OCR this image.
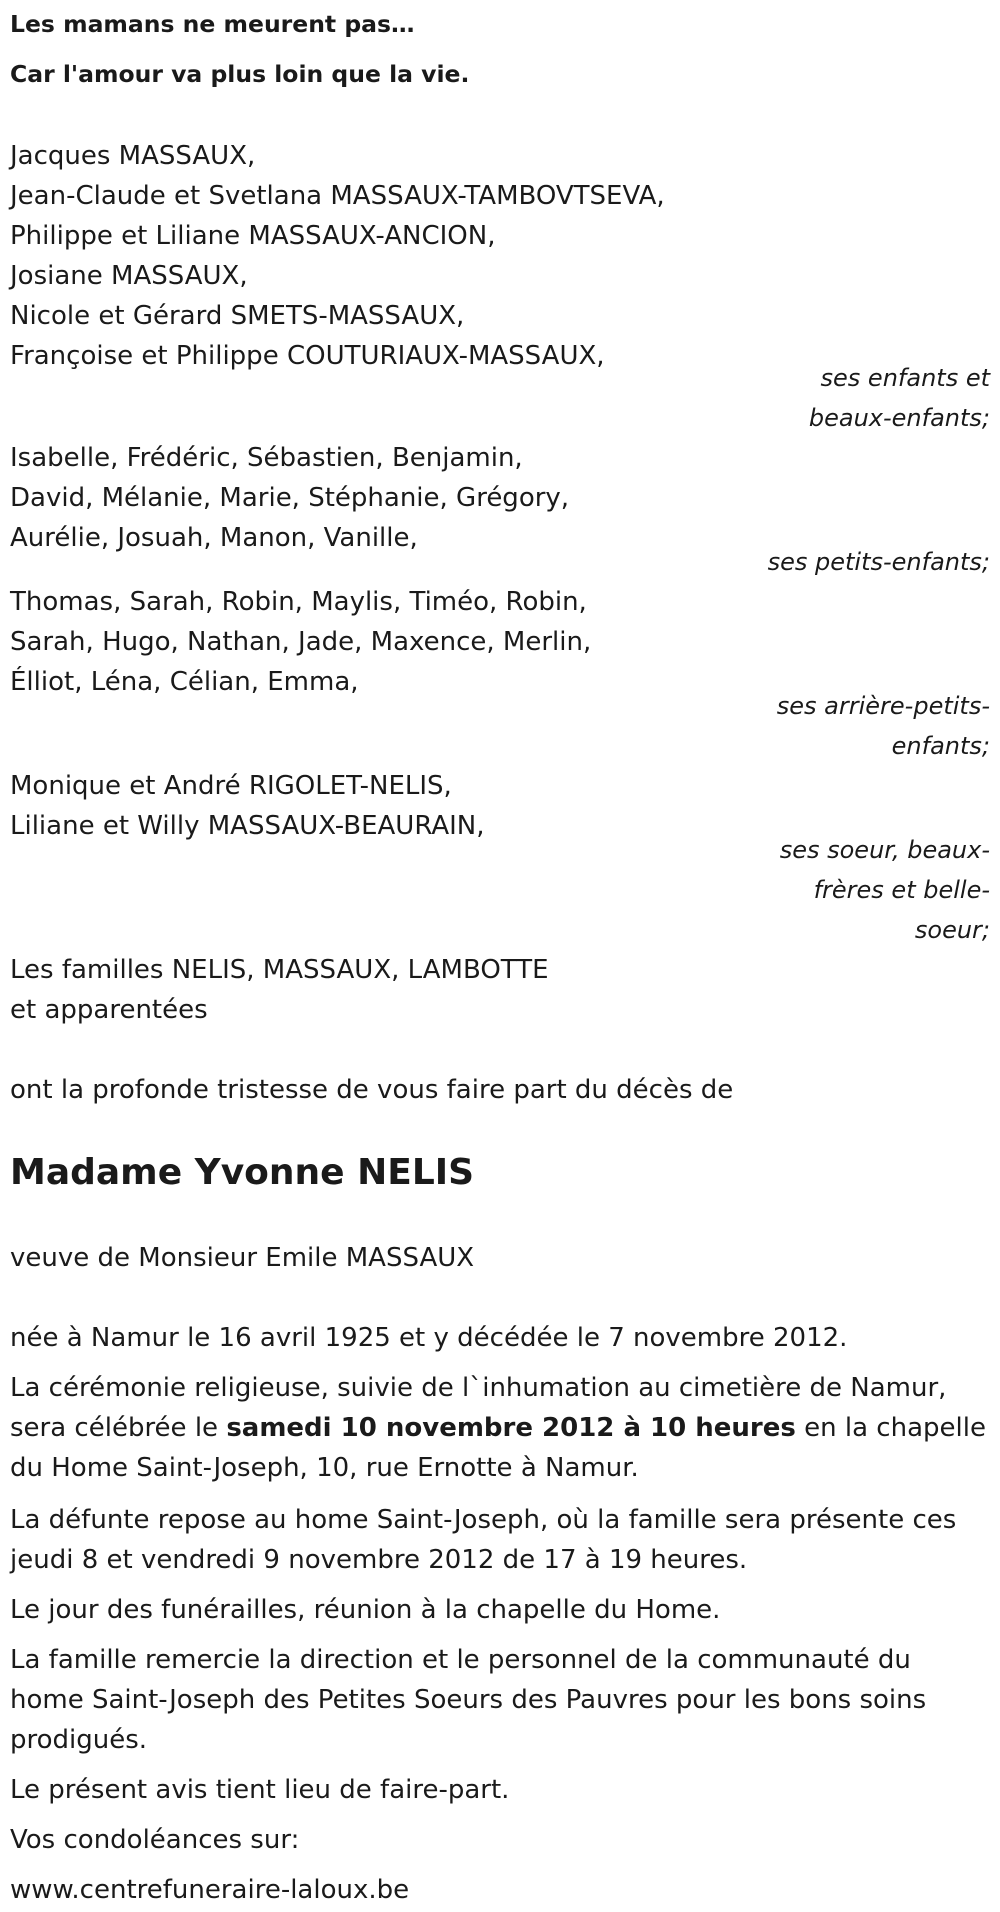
Les mamans ne meurent pas…
Car l'amour va plus loin que la vie.
Jacques MASSAUX,
Jean-Claude et Svetlana MASSAUX-TAMBOVTSEVA,
Philippe et Liliane MASSAUX-ANCION,
Josiane MASSAUX,
Nicole et Gérard SMETS-MASSAUX,
Françoise et Philippe COUTURIAUX-MASSAUX,
ses enfants et
beaux-enfants;
Isabelle, Frédéric, Sébastien, Benjamin,
David, Mélanie, Marie, Stéphanie, Grégory,
Aurélie, Josuah, Manon, Vanille,
ses petits-enfants;
Thomas, Sarah, Robin, Maylis, Timéo, Robin,
Sarah, Hugo, Nathan, Jade, Maxence, Merlin,
Élliot, Léna, Célian, Emma,
ses arrière-petits-
enfants;
Monique et André RIGOLET-NELIS,
Liliane et Willy MASSAUX-BEAURAIN,
ses soeur, beaux-
frères et belle-
soeur;
Les familles NELIS, MASSAUX, LAMBOTTE
et apparentées
ont la profonde tristesse de vous faire part du décès de
Madame Yvonne NELIS
veuve de Monsieur Emile MASSAUX
née à Namur le 16 avril 1925 et y décédée le 7 novembre 2012.
La cérémonie religieuse, suivie de l`inhumation au cimetière de Namur, sera célébrée le samedi 10 novembre 2012 à 10 heures en la chapelle du Home Saint-Joseph, 10, rue Ernotte à Namur.
La défunte repose au home Saint-Joseph, où la famille sera présente ces jeudi 8 et vendredi 9 novembre 2012 de 17 à 19 heures.
Le jour des funérailles, réunion à la chapelle du Home.
La famille remercie la direction et le personnel de la communauté du home Saint-Joseph des Petites Soeurs des Pauvres pour les bons soins prodigués.
Le présent avis tient lieu de faire-part.
Vos condoléances sur:
www.centrefuneraire-laloux.be
